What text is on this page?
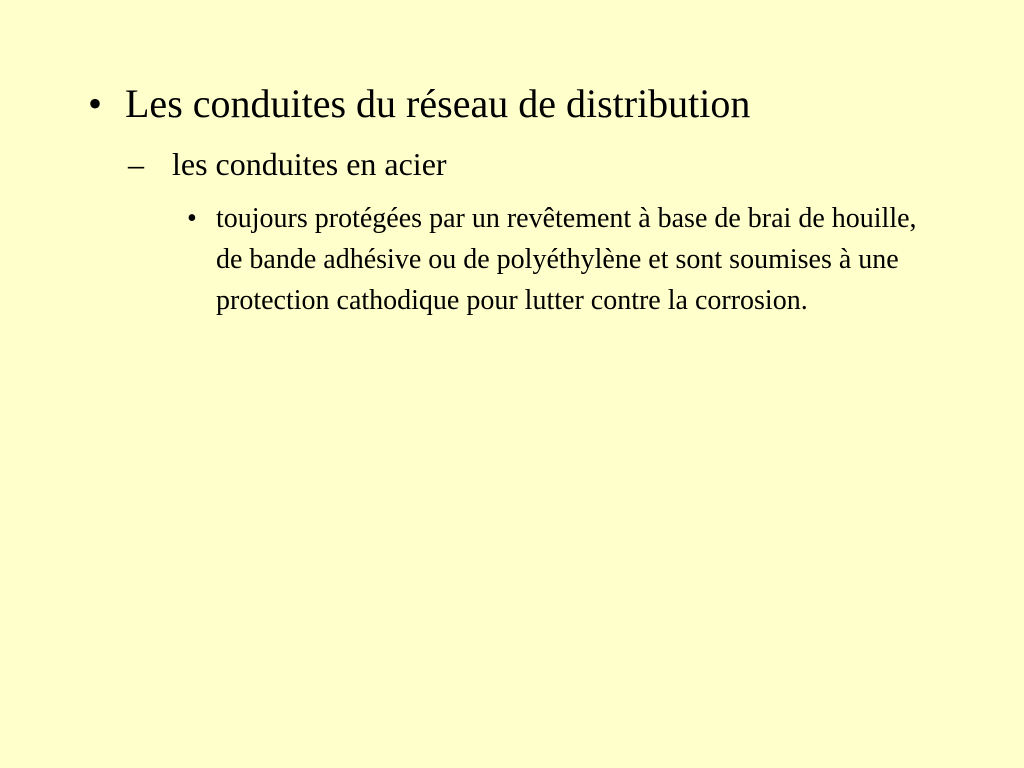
• Les conduites du réseau de distribution
– les conduites en acier
• toujours protégées par un revêtement à base de brai de houille, de bande adhésive ou de polyéthylène et sont soumises à une protection cathodique pour lutter contre la corrosion.
